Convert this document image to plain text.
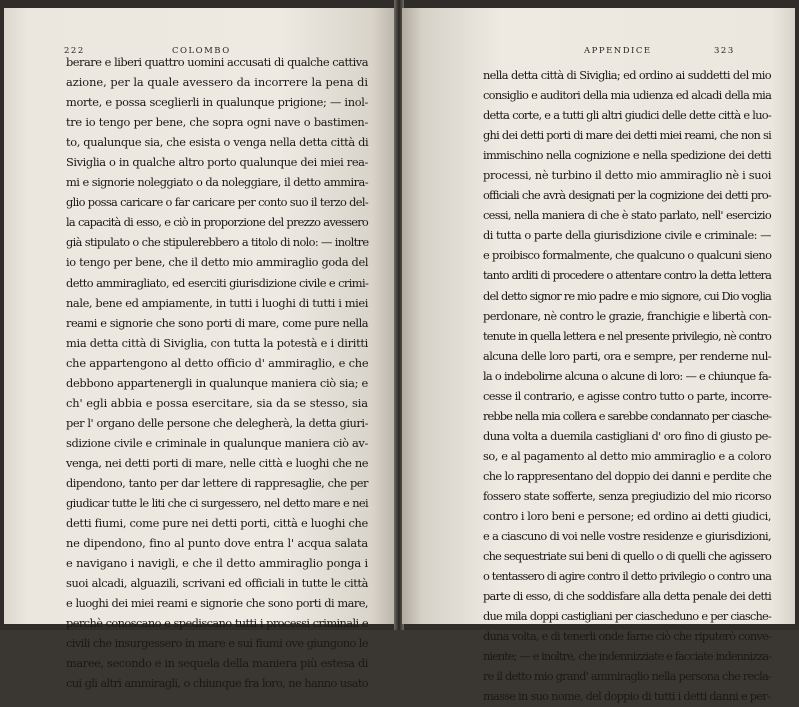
222	COLOMBO
berare e liberi quattro uomini accusati di qualche cattiva
azione, per la quale avessero da incorrere la pena di
morte, e possa sceglierli in qualunque prigione; — inol-
tre io tengo per bene, che sopra ogni nave o bastimen-
to, qualunque sia, che esista o venga nella detta città di
Siviglia o in qualche altro porto qualunque dei miei rea-
mi e signorie noleggiato o da noleggiare, il detto ammira-
glio possa caricare o far caricare per conto suo il terzo del-
la capacità di esso, e ciò in proporzione del prezzo avessero
già stipulato o che stipulerebbero a titolo di nolo: — inoltre
io tengo per bene, che il detto mio ammiraglio goda del
detto ammiragliato, ed eserciti giurisdizione civile e crimi-
nale, bene ed ampiamente, in tutti i luoghi di tutti i miei
reami e signorie che sono porti di mare, come pure nella
mia detta città di Siviglia, con tutta la potestà e i diritti
che appartengono al detto officio d' ammiraglio, e che
debbono appartenergli in qualunque maniera ciò sia; e
ch' egli abbia e possa esercitare, sia da se stesso, sia
per l' organo delle persone che delegherà, la detta giuri-
sdizione civile e criminale in qualunque maniera ciò av-
venga, nei detti porti di mare, nelle città e luoghi che ne
dipendono, tanto per dar lettere di rappresaglie, che per
giudicar tutte le liti che ci surgessero, nel detto mare e nei
detti fiumi, come pure nei detti porti, città e luoghi che
ne dipendono, fino al punto dove entra l' acqua salata
e navigano i navigli, e che il detto ammiraglio ponga i
suoi alcadi, alguazili, scrivani ed officiali in tutte le città
e luoghi dei miei reami e signorie che sono porti di mare,
perchè conoscano e spediscano tutti i processi criminali e
civili che insurgessero in mare e sui fiumi ove giungono le
maree, secondo e in sequela della maniera più estesa di
cui gli altri ammiragli, o chiunque fra loro, ne hanno usato
APPENDICE	323
nella detta città di Siviglia; ed ordino ai suddetti del mio
consiglio e auditori della mia udienza ed alcadi della mia
detta corte, e a tutti gli altri giudici delle dette città e luo-
ghi dei detti porti di mare dei detti miei reami, che non si
immischino nella cognizione e nella spedizione dei detti
processi, nè turbino il detto mio ammiraglio nè i suoi
officiali che avrà designati per la cognizione dei detti pro-
cessi, nella maniera di che è stato parlato, nell' esercizio
di tutta o parte della giurisdizione civile e criminale: —
e proibisco formalmente, che qualcuno o qualcuni sieno
tanto arditi di procedere o attentare contro la detta lettera
del detto signor re mio padre e mio signore, cui Dio voglia
perdonare, nè contro le grazie, franchigie e libertà con-
tenute in quella lettera e nel presente privilegio, nè contro
alcuna delle loro parti, ora e sempre, per renderne nul-
la o indebolirne alcuna o alcune di loro: — e chiunque fa-
cesse il contrario, e agisse contro tutto o parte, incorre-
rebbe nella mia collera e sarebbe condannato per ciasche-
duna volta a duemila castigliani d' oro fino di giusto pe-
so, e al pagamento al detto mio ammiraglio e a coloro
che lo rappresentano del doppio dei danni e perdite che
fossero state sofferte, senza pregiudizio del mio ricorso
contro i loro beni e persone; ed ordino ai detti giudici,
e a ciascuno di voi nelle vostre residenze e giurisdizioni,
che sequestriate sui beni di quello o di quelli che agissero
o tentassero di agire contro il detto privilegio o contro una
parte di esso, di che soddisfare alla detta penale dei detti
due mila doppi castigliani per ciascheduno e per ciasche-
duna volta, e di tenerli onde farne ciò che riputerò conve-
niente; — e inoltre, che indennizziate e facciate indennizza-
re il detto mio grand' ammiraglio nella persona che recla-
masse in suo nome, del doppio di tutti i detti danni e per-
